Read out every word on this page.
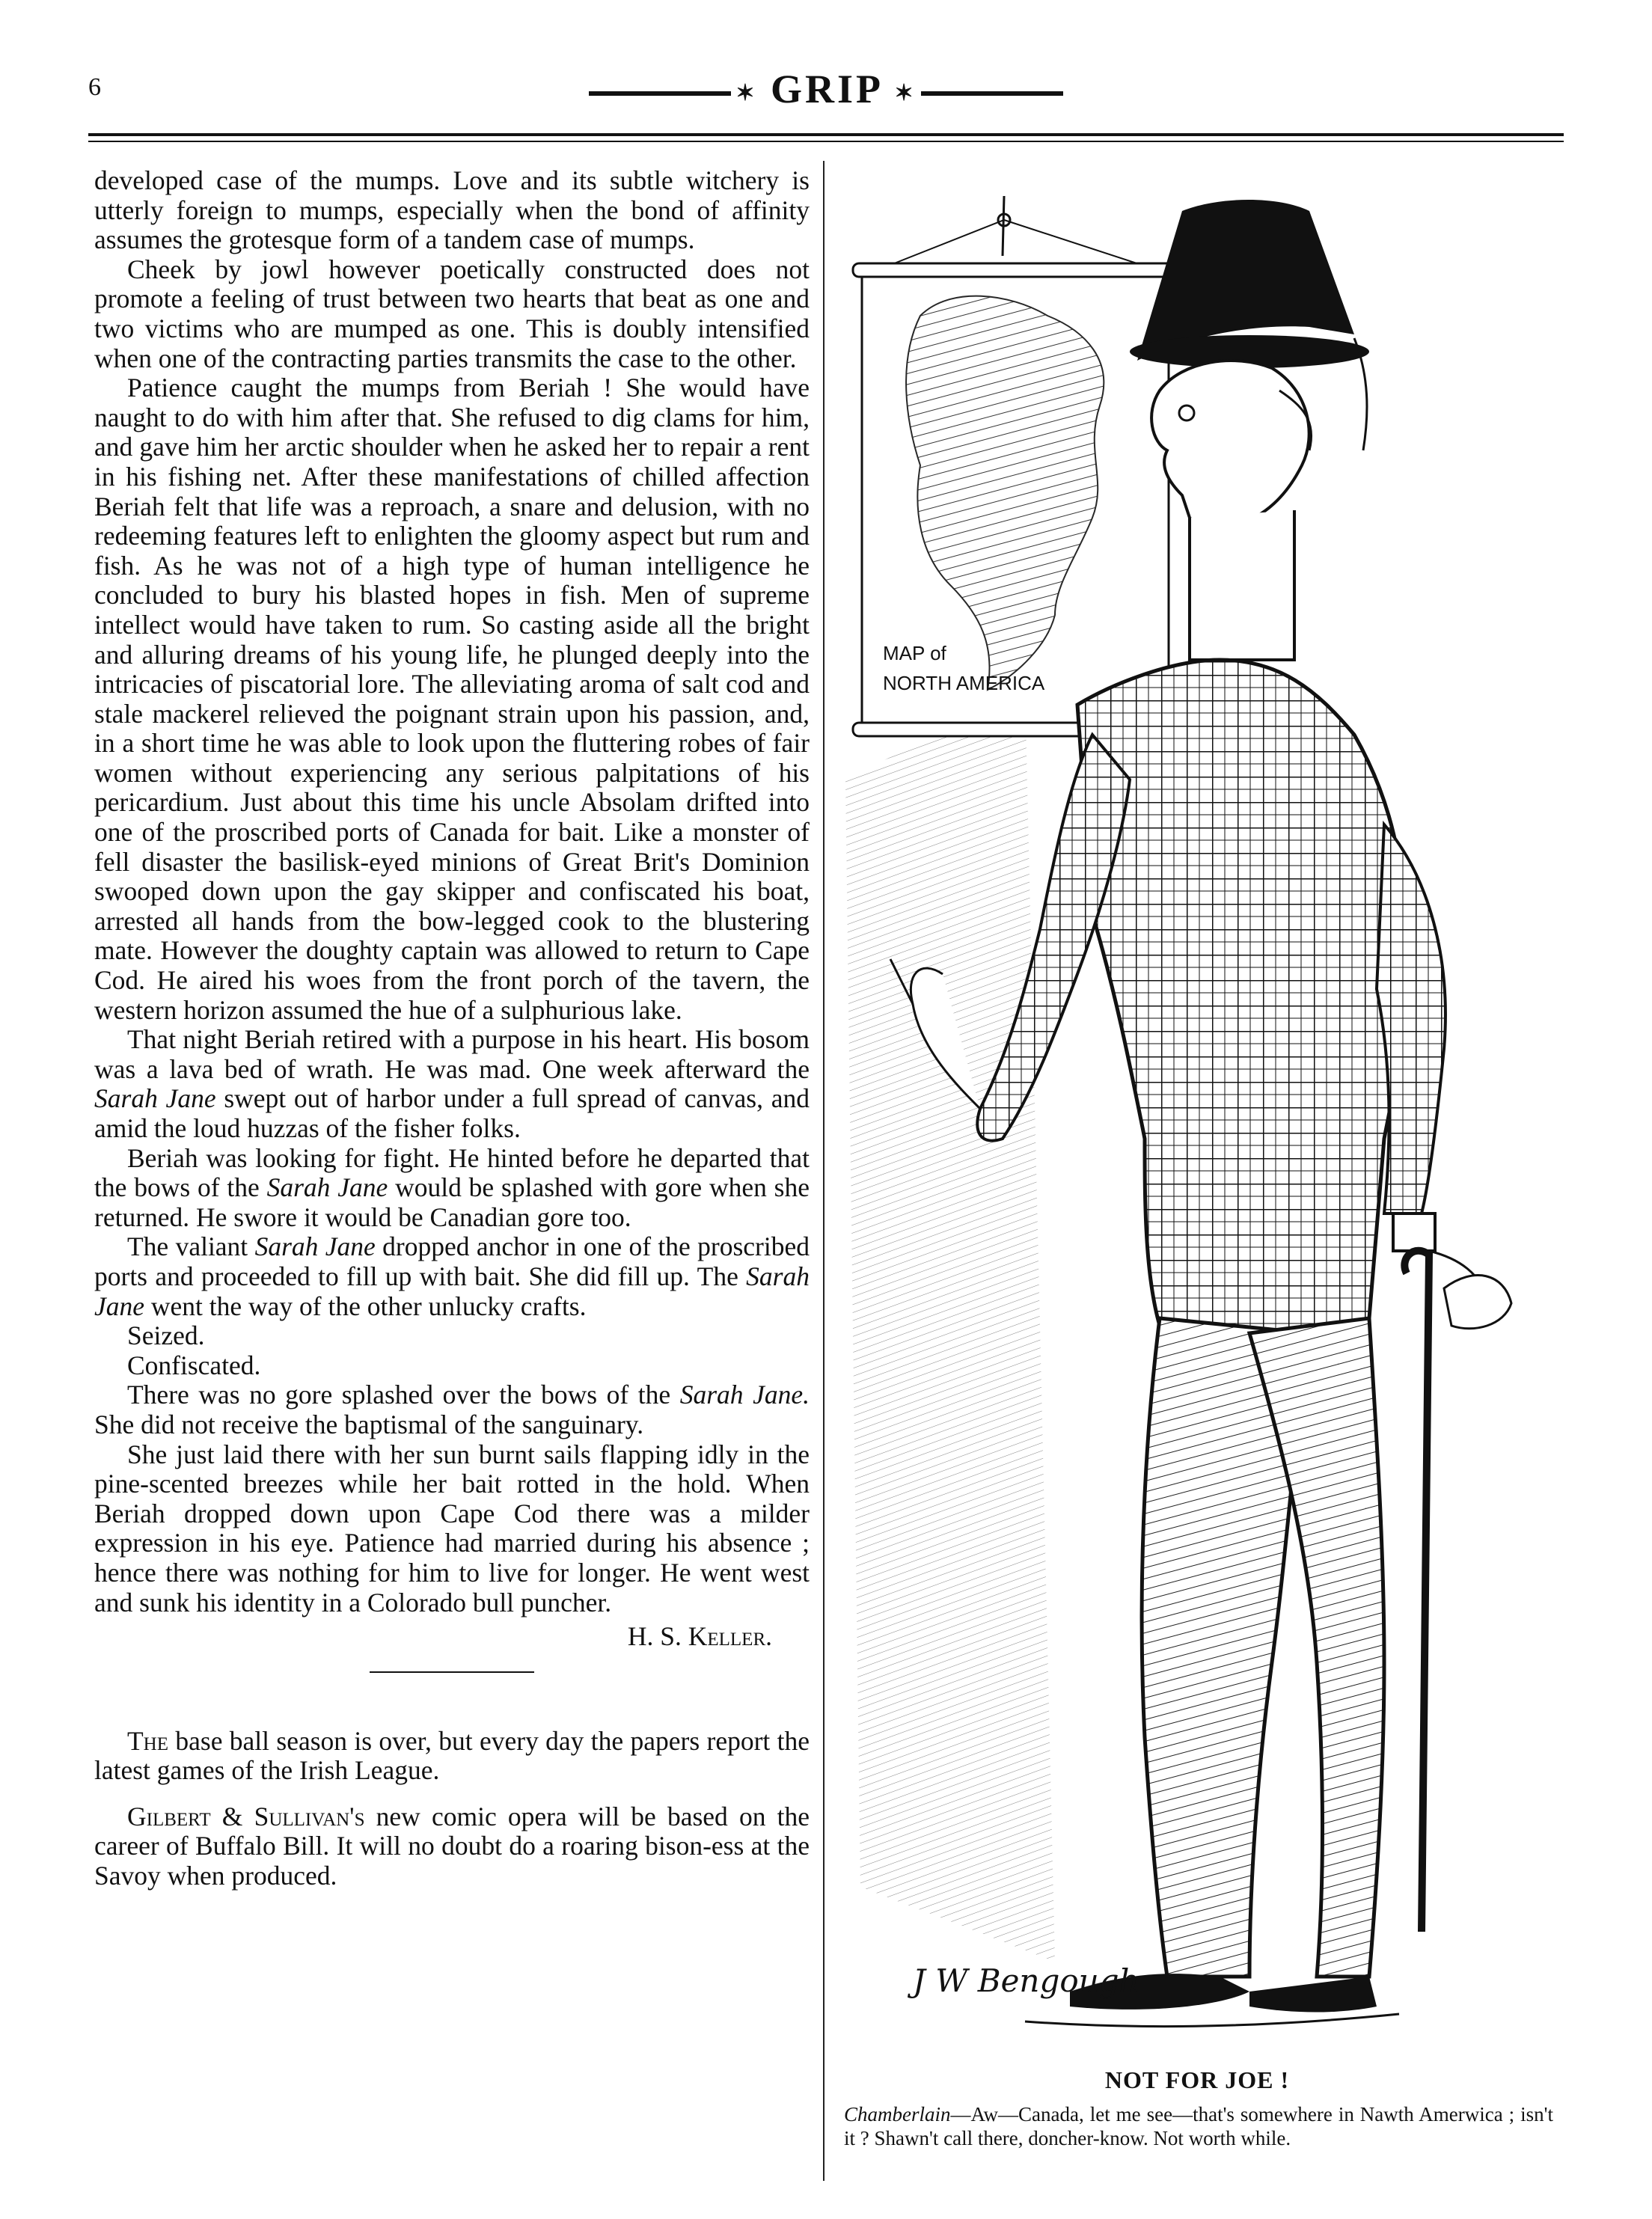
6	✶ GRIP ✶

developed case of the mumps. Love and its subtle witchery is utterly foreign to mumps, especially when the bond of affinity assumes the grotesque form of a tandem case of mumps.

Cheek by jowl however poetically constructed does not promote a feeling of trust between two hearts that beat as one and two victims who are mumped as one. This is doubly intensified when one of the contracting parties transmits the case to the other.

Patience caught the mumps from Beriah ! She would have naught to do with him after that. She refused to dig clams for him, and gave him her arctic shoulder when he asked her to repair a rent in his fishing net. After these manifestations of chilled affection Beriah felt that life was a reproach, a snare and delusion, with no redeeming features left to enlighten the gloomy aspect but rum and fish. As he was not of a high type of human intelligence he concluded to bury his blasted hopes in fish. Men of supreme intellect would have taken to rum. So casting aside all the bright and alluring dreams of his young life, he plunged deeply into the intricacies of piscatorial lore. The alleviating aroma of salt cod and stale mackerel relieved the poignant strain upon his passion, and, in a short time he was able to look upon the fluttering robes of fair women without experiencing any serious palpitations of his pericardium. Just about this time his uncle Absolam drifted into one of the proscribed ports of Canada for bait. Like a monster of fell disaster the basilisk-eyed minions of Great Brit's Dominion swooped down upon the gay skipper and confiscated his boat, arrested all hands from the bow-legged cook to the blustering mate. However the doughty captain was allowed to return to Cape Cod. He aired his woes from the front porch of the tavern, the western horizon assumed the hue of a sulphurious lake.

That night Beriah retired with a purpose in his heart. His bosom was a lava bed of wrath. He was mad. One week afterward the Sarah Jane swept out of harbor under a full spread of canvas, and amid the loud huzzas of the fisher folks.

Beriah was looking for fight. He hinted before he departed that the bows of the Sarah Jane would be splashed with gore when she returned. He swore it would be Canadian gore too.

The valiant Sarah Jane dropped anchor in one of the proscribed ports and proceeded to fill up with bait. She did fill up. The Sarah Jane went the way of the other unlucky crafts.

Seized.

Confiscated.

There was no gore splashed over the bows of the Sarah Jane. She did not receive the baptismal of the sanguinary.

She just laid there with her sun burnt sails flapping idly in the pine-scented breezes while her bait rotted in the hold. When Beriah dropped down upon Cape Cod there was a milder expression in his eye. Patience had married during his absence ; hence there was nothing for him to live for longer. He went west and sunk his identity in a Colorado bull puncher.

H. S. Keller.

The base ball season is over, but every day the papers report the latest games of the Irish League.

Gilbert & Sullivan's new comic opera will be based on the career of Buffalo Bill. It will no doubt do a roaring bison-ess at the Savoy when produced.

MAP of
NORTH AMERICA
J W Bengough
NOT FOR JOE !
Chamberlain—Aw—Canada, let me see—that's somewhere in Nawth Amerwica ; isn't it ? Shawn't call there, doncher-know. Not worth while.
